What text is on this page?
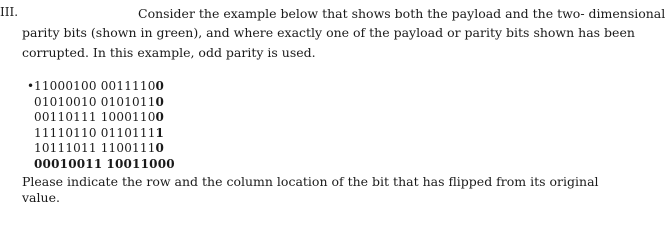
III.	Consider the example below that shows both the payload and the two- dimensional
parity bits (shown in green), and where exactly one of the payload or parity bits shown has been
corrupted. In this example, odd parity is used.
• 11000100 00111100
01010010 01010110
00110111 10001100
11110110 01101111
10111011 11001110
00010011 10011000
Please indicate the row and the column location of the bit that has flipped from its original
value.
